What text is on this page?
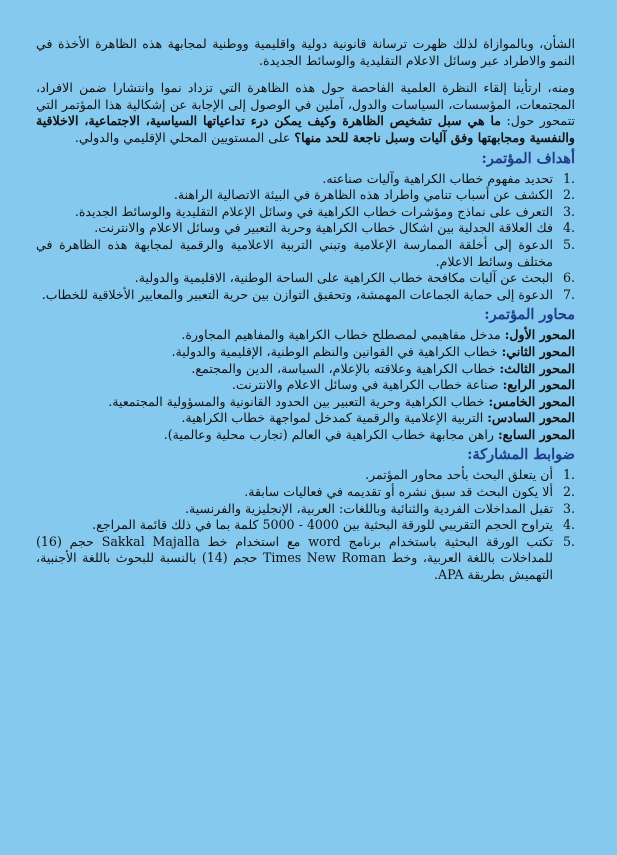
الشأن، وبالموازاة لذلك ظهرت ترسانة قانونية دولية واقليمية ووطنية لمجابهة هذه الظاهرة الأخذة في النمو والاطراد عبر وسائل الاعلام التقليدية والوسائط الجديدة.

ومنه، ارتأينا إلقاء النظرة العلمية الفاحصة حول هذه الظاهرة التي تزداد نموا وانتشارا ضمن الافراد، المجتمعات، المؤسسات، السياسات والدول، آملين في الوصول إلى الإجابة عن إشكالية هذا المؤتمر التي تتمحور حول: ما هي سبل تشخيص الظاهرة وكيف يمكن درء تداعياتها السياسية، الاجتماعية، الاخلاقية والنفسية ومجابهتها وفق آليات وسبل ناجعة للحد منها؟ على المستويين المحلي الإقليمي والدولي.

أهداف المؤتمر:
.1
تحديد مفهوم خطاب الكراهية وآليات صناعته.
.2
الكشف عن أسباب تنامي واطراد هذه الظاهرة في البيئة الاتصالية الراهنة.
.3
التعرف على نماذج ومؤشرات خطاب الكراهية في وسائل الإعلام التقليدية والوسائط الجديدة.
.4
فك العلاقة الجدلية بين اشكال خطاب الكراهية وحرية التعبير في وسائل الاعلام والانترنت.
.5
الدعوة إلى أخلقة الممارسة الإعلامية وتبني التربية الاعلامية والرقمية لمجابهة هذه الظاهرة في مختلف وسائط الاعلام.
.6
البحث عن آليات مكافحة خطاب الكراهية على الساحة الوطنية، الاقليمية والدولية.
.7
الدعوة إلى حماية الجماعات المهمشة، وتحقيق التوازن بين حرية التعبير والمعايير الأخلاقية للخطاب.
محاور المؤتمر:
المحور الأول: مدخل مفاهيمي لمصطلح خطاب الكراهية والمفاهيم المجاورة.
المحور الثاني: خطاب الكراهية في القوانين والنظم الوطنية، الإقليمية والدولية.
المحور الثالث: خطاب الكراهية وعلاقته بالإعلام، السياسة، الدين والمجتمع.
المحور الرابع: صناعة خطاب الكراهية في وسائل الاعلام والانترنت.
المحور الخامس: خطاب الكراهية وحرية التعبير بين الحدود القانونية والمسؤولية المجتمعية.
المحور السادس: التربية الإعلامية والرقمية كمدخل لمواجهة خطاب الكراهية.
المحور السابع: راهن مجابهة خطاب الكراهية في العالم (تجارب محلية وعالمية).
ضوابط المشاركة:
.1
أن يتعلق البحث بأحد محاور المؤتمر.
.2
ألا يكون البحث قد سبق نشره أو تقديمه في فعاليات سابقة.
.3
تقبل المداخلات الفردية والثنائية وباللغات: العربية، الإنجليزية والفرنسية.
.4
يتراوح الحجم التقريبي للورقة البحثية بين 4000 - 5000 كلمة بما في ذلك قائمة المراجع.
.5
تكتب الورقة البحثية باستخدام برنامج word مع استخدام خط Sakkal Majalla حجم (16) للمداخلات باللغة العربية، وخط Times New Roman حجم (14) بالنسبة للبحوث باللغة الأجنبية، التهميش بطريقة APA.
